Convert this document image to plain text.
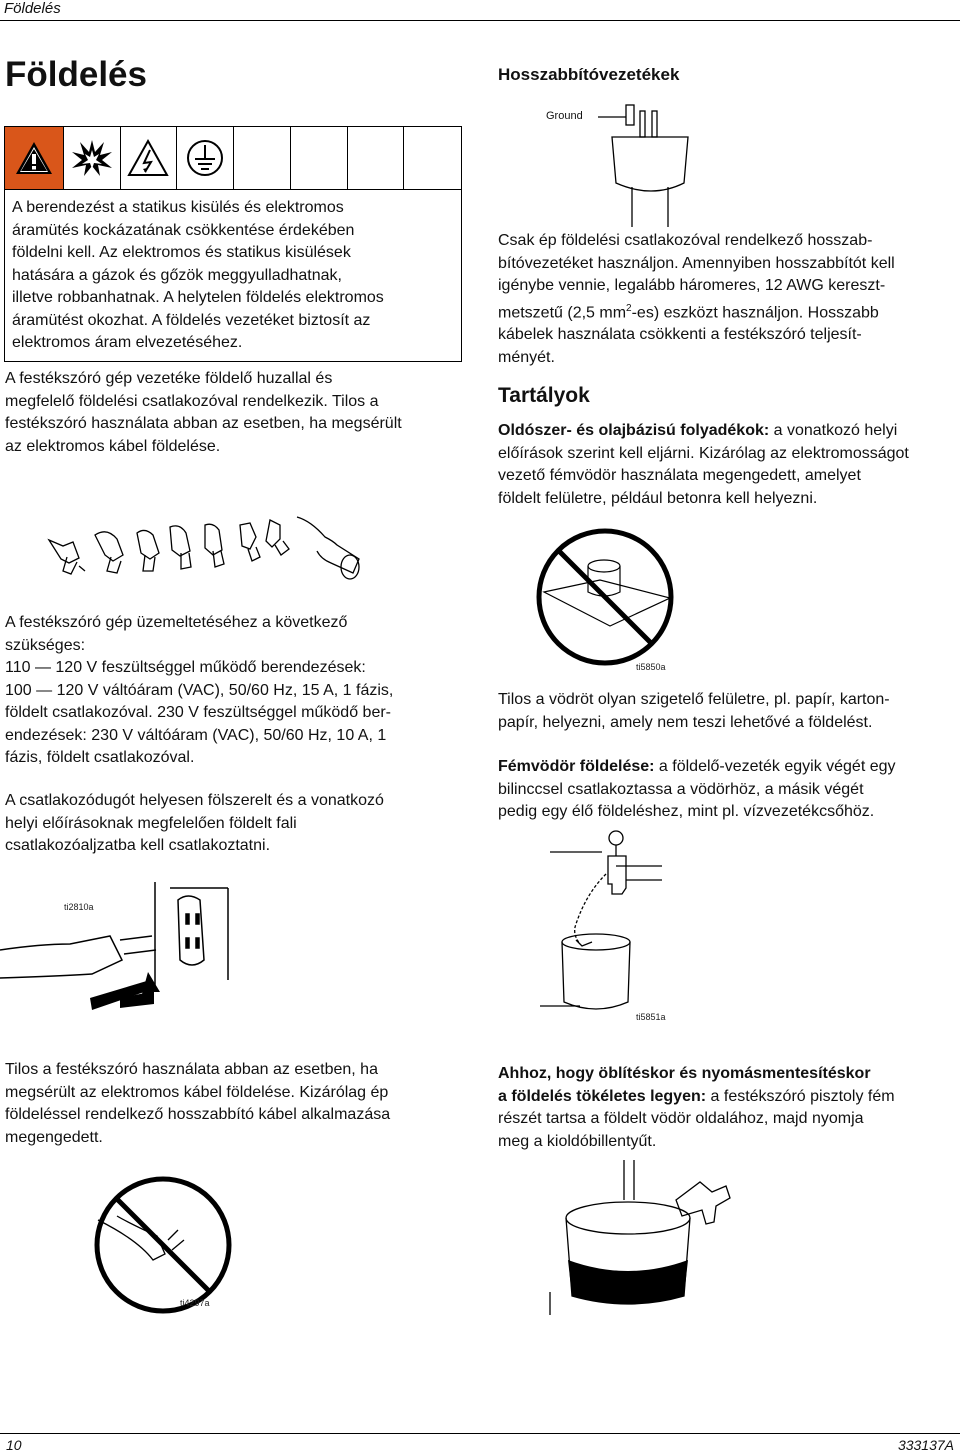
Földelés
Földelés

A berendezést a statikus kisülés és elektromos

áramütés kockázatának csökkentése érdekében

földelni kell. Az elektromos és statikus kisülések

hatására a gázok és gőzök meggyulladhatnak,

illetve robbanhatnak. A helytelen földelés elektromos

áramütést okozhat. A földelés vezetéket biztosít az

elektromos áram elvezetéséhez.

A festékszóró gép vezetéke földelő huzallal és

megfelelő földelési csatlakozóval rendelkezik. Tilos a

festékszóró használata abban az esetben, ha megsérült

az elektromos kábel földelése.

A festékszóró gép üzemeltetéséhez a következő

szükséges:

110 — 120 V feszültséggel működő berendezések:

100 — 120 V váltóáram (VAC), 50/60 Hz, 15 A, 1 fázis,

földelt csatlakozóval. 230 V feszültséggel működő ber-

endezések: 230 V váltóáram (VAC), 50/60 Hz, 10 A, 1

fázis, földelt csatlakozóval.

A csatlakozódugót helyesen fölszerelt és a vonatkozó

helyi előírásoknak megfelelően földelt fali

csatlakozóaljzatba kell csatlakoztatni.

ti2810a

Tilos a festékszóró használata abban az esetben, ha

megsérült az elektromos kábel földelése. Kizárólag ép

földeléssel rendelkező hosszabbító kábel alkalmazása

megengedett.

ti4297a
Hosszabbítóvezetékek
Ground

Csak ép földelési csatlakozóval rendelkező hosszab-

bítóvezetéket használjon. Amennyiben hosszabbítót kell

igénybe vennie, legalább háromeres, 12 AWG kereszt-

metszetű (2,5 $mm^2-es$) eszközt használjon. Hosszabb

kábelek használata csökkenti a festékszóró teljesít-

ményét.

Tartályok

Oldószer- és olajbázisú folyadékok: a vonatkozó helyi

előírások szerint kell eljárni. Kizárólag az elektromosságot

vezető fémvödör használata megengedett, amelyet

földelt felületre, például betonra kell helyezni.

ti5850a

Tilos a vödröt olyan szigetelő felületre, pl. papír, karton-

papír, helyezni, amely nem teszi lehetővé a földelést.

Fémvödör földelése: a földelő-vezeték egyik végét egy

bilinccsel csatlakoztassa a vödörhöz, a másik végét

pedig egy élő földeléshez, mint pl. vízvezetékcsőhöz.

ti5851a

Ahhoz, hogy öblítéskor és nyomásmentesítéskor

a földelés tökéletes legyen: a festékszóró pisztoly fém

részét tartsa a földelt vödör oldalához, majd nyomja

meg a kioldóbillentyűt.

10	333137A
